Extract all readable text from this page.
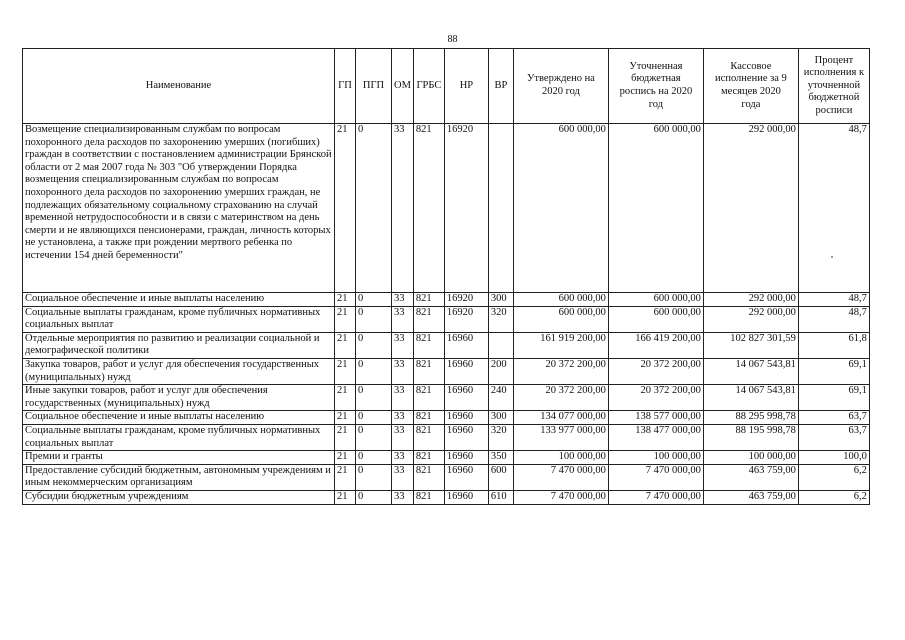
88
Наименование	ГП	ПГП	ОМ	ГРБС	НР	ВР	Утверждено на 2020 год	Уточненная бюджетная роспись на 2020 год	Кассовое исполнение за 9 месяцев 2020 года	Процент исполнения к уточненной бюджетной росписи
Возмещение специализированным службам по вопросам похоронного дела расходов по захоронению умерших (погибших) граждан в соответствии с постановлением администрации Брянской области от 2 мая 2007 года № 303 "Об утверждении Порядка возмещения специализированным службам по вопросам похоронного дела расходов по захоронению умерших граждан, не подлежащих обязательному социальному страхованию на случай временной нетрудоспособности и в связи с материнством на день смерти и не являющихся пенсионерами, граждан, личность которых не установлена, а также при рождении мертвого ребенка по истечении 154 дней беременности"	21	0	33	821	16920		600 000,00	600 000,00	292 000,00	48,7
Социальное обеспечение и иные выплаты населению	21	0	33	821	16920	300	600 000,00	600 000,00	292 000,00	48,7
Социальные выплаты гражданам, кроме публичных нормативных социальных выплат	21	0	33	821	16920	320	600 000,00	600 000,00	292 000,00	48,7
Отдельные мероприятия по развитию и реализации социальной и демографической политики	21	0	33	821	16960		161 919 200,00	166 419 200,00	102 827 301,59	61,8
Закупка товаров, работ и услуг для обеспечения государственных (муниципальных) нужд	21	0	33	821	16960	200	20 372 200,00	20 372 200,00	14 067 543,81	69,1
Иные закупки товаров, работ и услуг для обеспечения государственных (муниципальных) нужд	21	0	33	821	16960	240	20 372 200,00	20 372 200,00	14 067 543,81	69,1
Социальное обеспечение и иные выплаты населению	21	0	33	821	16960	300	134 077 000,00	138 577 000,00	88 295 998,78	63,7
Социальные выплаты гражданам, кроме публичных нормативных социальных выплат	21	0	33	821	16960	320	133 977 000,00	138 477 000,00	88 195 998,78	63,7
Премии и гранты	21	0	33	821	16960	350	100 000,00	100 000,00	100 000,00	100,0
Предоставление субсидий бюджетным, автономным учреждениям и иным некоммерческим организациям	21	0	33	821	16960	600	7 470 000,00	7 470 000,00	463 759,00	6,2
Субсидии бюджетным учреждениям	21	0	33	821	16960	610	7 470 000,00	7 470 000,00	463 759,00	6,2
